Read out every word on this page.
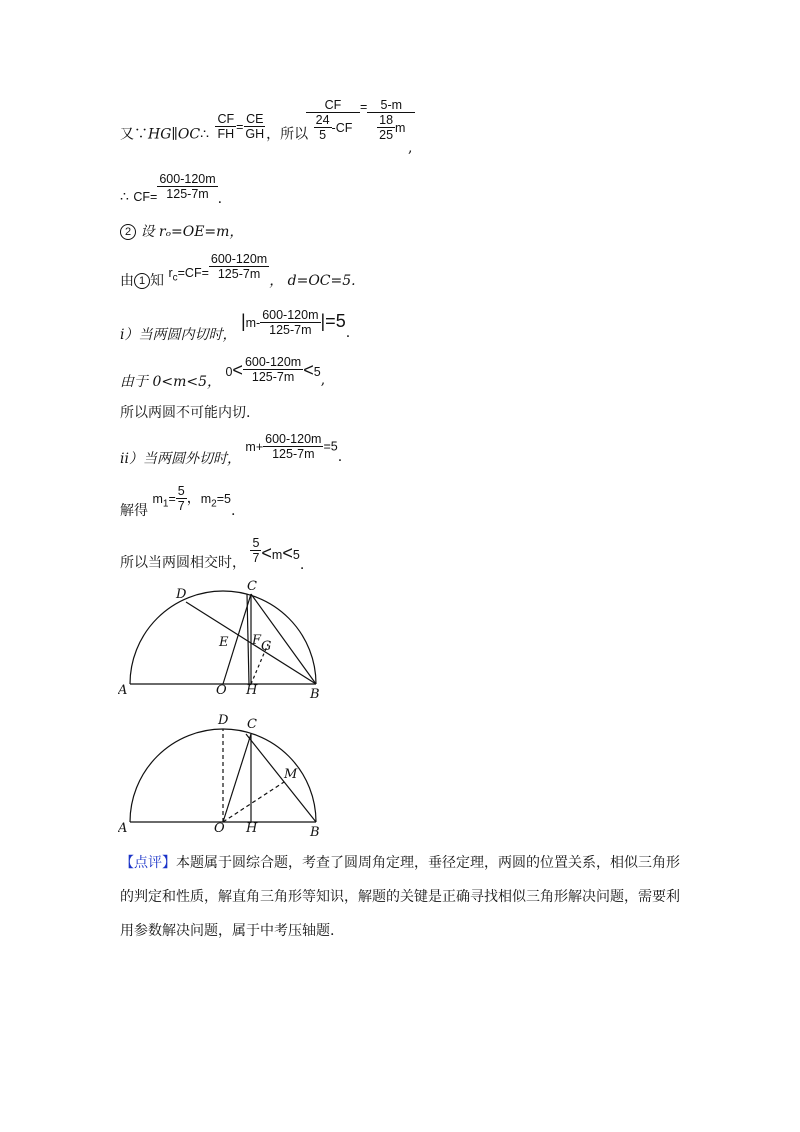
又∵HG∥OC∴ $\frac{CF}{FH} = \frac{CE}{GH}$ ，所以
$\frac{CF}{\frac{24}{5} -CF} = \frac{5-m}{\frac{18}{25} m}$
,
∴ $CF= \frac{600-120m}{125-7m}$ .
2 设 rₒ=OE=m，
由 1 知 $r_c=CF= \frac{600-120m}{125-7m}$ ， d=OC=5.
i）当两圆内切时， $|m- \frac{600-120m}{125-7m} |=5$.
由于 0<m<5， $0< \frac{600-120m}{125-7m} <5$,
所以两圆不可能内切.
ii）当两圆外切时， $m+ \frac{600-120m}{125-7m} =5$.
解得 $m_1= \frac{5}{7}$ ，$m_2=5$.
所以当两圆相交时， $\frac{5}{7} <m<5$.
A	O H	B
C
D
E F G
A	O H	B
C
D
M
【点评】本题属于圆综合题，考查了圆周角定理，垂径定理，两圆的位置关系，相似三角形的判定和性质，解直角三角形等知识，解题的关键是正确寻找相似三角形解决问题，需要利用参数解决问题，属于中考压轴题.
